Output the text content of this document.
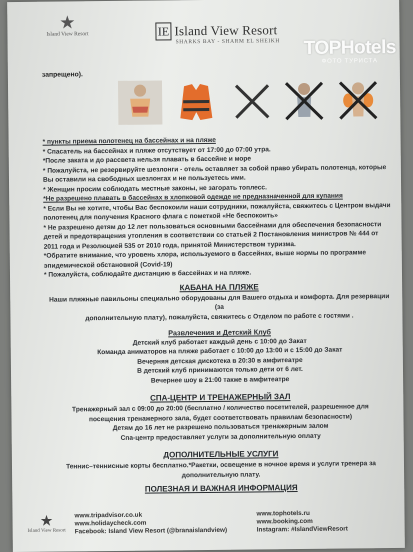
★
Island View Resort	IE Island View Resort
SHARKS BAY - SHARM EL SHEIKH
запрещено).

* пункты приема полотенец на бассейнах и на пляже

* Спасатель на бассейнах и пляже отсутствует от 17:00 до 07:00 утра.

*После заката и до рассвета нельзя плавать в бассейне и море

* Пожалуйста, не резервируйте шезлонги - отель оставляет за собой право убирать полотенца, которые Вы оставили на свободных шезлонгах и не пользуетесь ими.

* Женщин просим соблюдать местные законы, не загорать топлесс.

*Не разрешено плавать в бассейнах в хлопковой одежде не предназначенной для купания

* Если Вы не хотите, чтобы Вас беспокоили наши сотрудники, пожалуйста, свяжитесь с Центром выдачи полотенец для получения Красного флага с пометкой «Не беспокоить»

* Не разрешено детям до 12 лет пользоваться основными бассейнами для обеспечения безопасности детей и предотвращения утопления в соответствии со статьей 2 Постановления министров № 444 от 2011 года и Резолюцией 535 от 2010 года, принятой Министерством туризма.

*Обратите внимание, что уровень хлора, используемого в бассейнах, выше нормы по программе эпидемической обстановкой (Covid-19)

* Пожалуйста, соблюдайте дистанцию в бассейнах и на пляже.

КАБАНА НА ПЛЯЖЕ

Наши пляжные павильоны специально оборудованы для Вашего отдыха и комфорта. Для резервации (за

дополнительную плату), пожалуйста, свяжитесь с Отделом по работе с гостями .

Развлечения и Детский Клуб

Детский клуб работает каждый день с 10:00 до Закат

Команда аниматоров на пляже работает с 10:00 до 13:00 и с 15:00 до Закат

Вечерняя детская дискотека в 20:30 в амфитеатре

В детский клуб принимаются только дети от 6 лет.

Вечернее шоу в 21:00 также в амфитеатре

СПА-ЦЕНТР И ТРЕНАЖЕРНЫЙ ЗАЛ

Тренажерный зал с 09:00 до 20:00 (бесплатно / количество посетителей, разрешенное для

посещения тренажерного зала, будет соответствовать правилам безопасности)

Детям до 16 лет не разрешено пользоваться тренажерным залом

Спа-центр предоставляет услуги за дополнительную оплату

ДОПОЛНИТЕЛЬНЫЕ УСЛУГИ

Теннис–теннисные корты бесплатно.*Ракетки, освещение в ночное время и услуги тренера за

дополнительную плату.

ПОЛЕЗНАЯ И ВАЖНАЯ ИНФОРМАЦИЯ
★
Island View Resort
www.tripadvisor.co.uk
www.holidaycheck.com
Facebook: Island View Resort (@branaislandview)
www.tophotels.ru
www.booking.com
Instagram: #IslandViewResort
TOPHotels
ФОТО ТУРИСТА
